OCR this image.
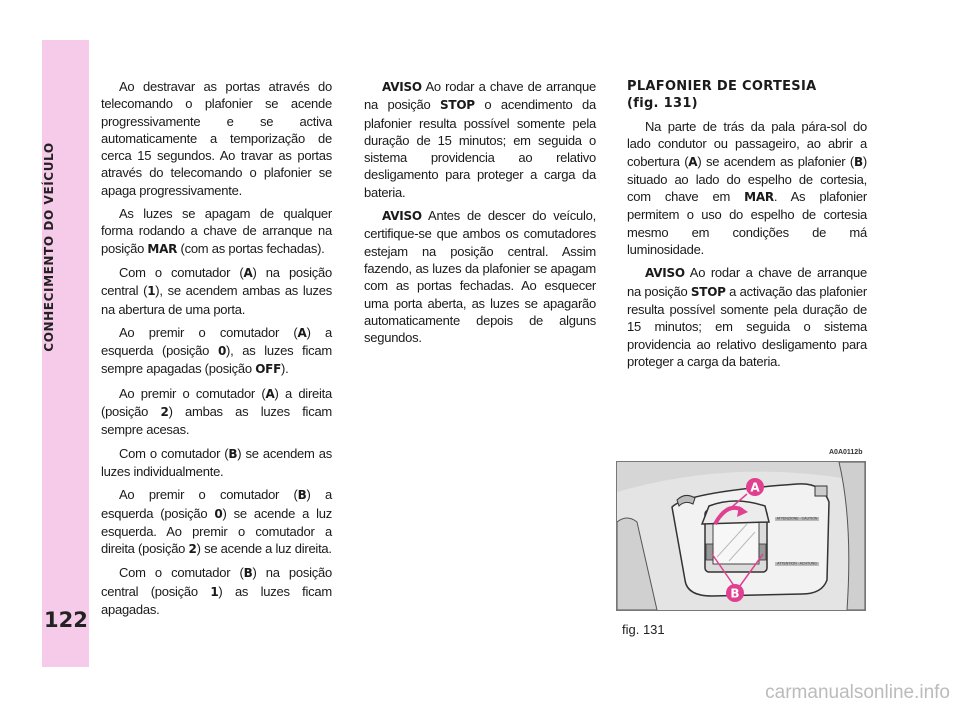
CONHECIMENTO DO VEÍCULO
122

Ao destravar as portas através do telecomando o plafonier se acende progressivamente e se activa automaticamente a temporização de cerca 15 segundos. Ao travar as portas através do telecomando o plafonier se apaga progressivamente.

As luzes se apagam de qualquer forma rodando a chave de arranque na posição MAR (com as portas fechadas).

Com o comutador (A) na posição central (1), se acendem ambas as luzes na abertura de uma porta.

Ao premir o comutador (A) a esquerda (posição 0), as luzes ficam sempre apagadas (posição OFF).

Ao premir o comutador (A) a direita (posição 2) ambas as luzes ficam sempre acesas.

Com o comutador (B) se acendem as luzes individualmente.

Ao premir o comutador (B) a esquerda (posição 0) se acende a luz esquerda. Ao premir o comutador a direita (posição 2) se acende a luz direita.

Com o comutador (B) na posição central (posição 1) as luzes ficam apagadas.

AVISO Ao rodar a chave de arranque na posição STOP o acendimento da plafonier resulta possível somente pela duração de 15 minutos; em seguida o sistema providencia ao relativo desligamento para proteger a carga da bateria.

AVISO Antes de descer do veículo, certifique-se que ambos os comutadores estejam na posição central. Assim fazendo, as luzes da plafonier se apagam com as portas fechadas. Ao esquecer uma porta aberta, as luzes se apagarão automaticamente depois de alguns segundos.

PLAFONIER DE CORTESIA
(fig. 131)

Na parte de trás da pala pára-sol do lado condutor ou passageiro, ao abrir a cobertura (A) se acendem as plafonier (B) situado ao lado do espelho de cortesia, com chave em MAR. As plafonier permitem o uso do espelho de cortesia mesmo em condições de má luminosidade.

AVISO Ao rodar a chave de arranque na posição STOP a activação das plafonier resulta possível somente pela duração de 15 minutos; em seguida o sistema providencia ao relativo desligamento para proteger a carga da bateria.

A0A0112b
ATTENZIONE · CAUTION
ATTENTION · ACHTUNG
A
B
fig. 131
carmanualsonline.info
